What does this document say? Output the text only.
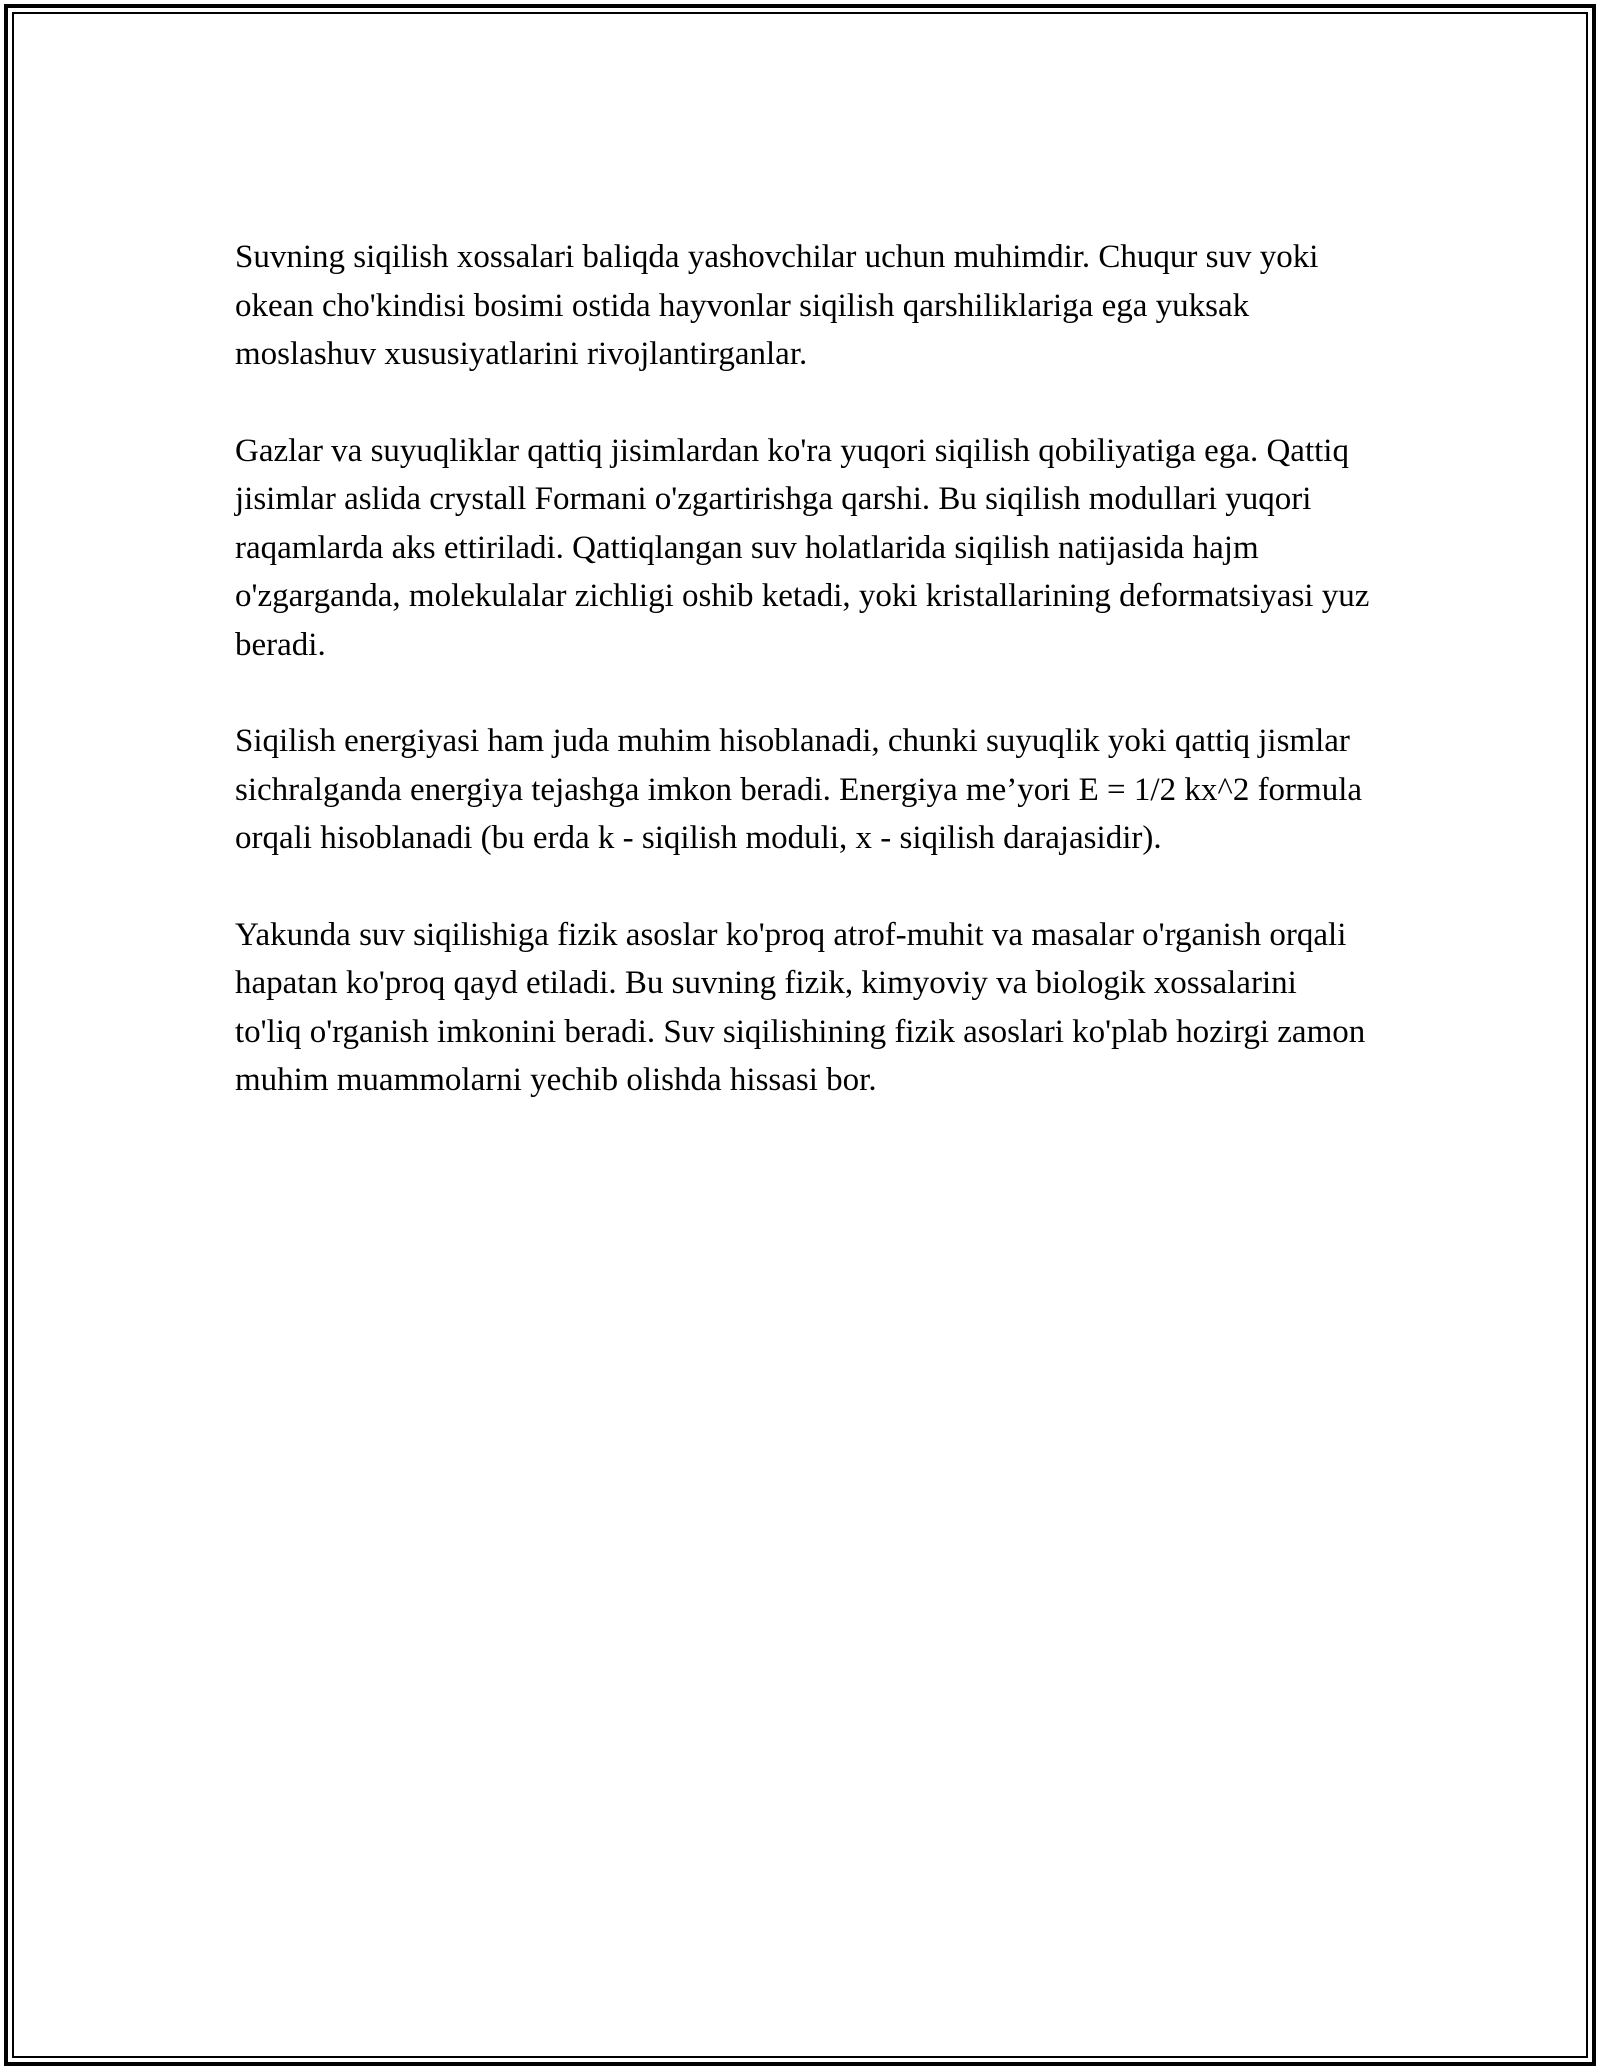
Suvning siqilish xossalari baliqda yashovchilar uchun muhimdir. Chuqur suv yoki okean cho'kindisi bosimi ostida hayvonlar siqilish qarshiliklariga ega yuksak moslashuv xususiyatlarini rivojlantirganlar.

Gazlar va suyuqliklar qattiq jisimlardan ko'ra yuqori siqilish qobiliyatiga ega. Qattiq jisimlar aslida crystall Formani o'zgartirishga qarshi. Bu siqilish modullari yuqori raqamlarda aks ettiriladi. Qattiqlangan suv holatlarida siqilish natijasida hajm o'zgarganda, molekulalar zichligi oshib ketadi, yoki kristallarining deformatsiyasi yuz beradi.

Siqilish energiyasi ham juda muhim hisoblanadi, chunki suyuqlik yoki qattiq jismlar sichralganda energiya tejashga imkon beradi. Energiya me’yori E = 1/2 kx^2 formula orqali hisoblanadi (bu erda k - siqilish moduli, x - siqilish darajasidir).

Yakunda suv siqilishiga fizik asoslar ko'proq atrof-muhit va masalar o'rganish orqali hapatan ko'proq qayd etiladi. Bu suvning fizik, kimyoviy va biologik xossalarini to'liq o'rganish imkonini beradi. Suv siqilishining fizik asoslari ko'plab hozirgi zamon muhim muammolarni yechib olishda hissasi bor.
